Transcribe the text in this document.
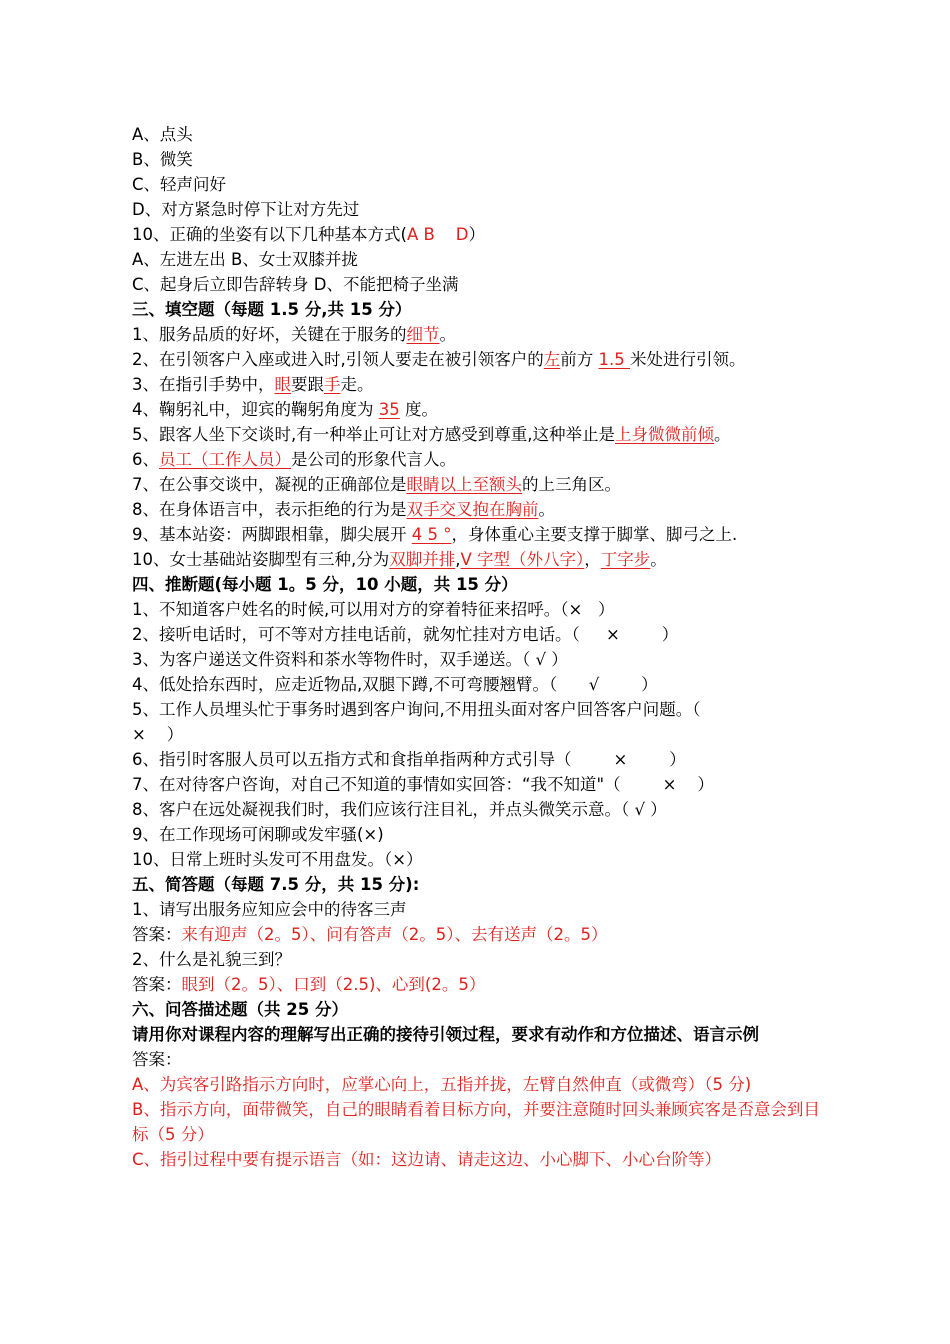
A、点头
B、微笑
C、轻声问好
D、对方紧急时停下让对方先过
10、正确的坐姿有以下几种基本方式(A B    D）
A、左进左出 B、女士双膝并拢
C、起身后立即告辞转身 D、不能把椅子坐满
三、填空题（每题 1.5 分,共 15 分）
1、服务品质的好坏，关键在于服务的细节。
2、在引领客户入座或进入时,引领人要走在被引领客户的左前方 1.5 米处进行引领。
3、在指引手势中，眼要跟手走。
4、鞠躬礼中，迎宾的鞠躬角度为 35 度。
5、跟客人坐下交谈时,有一种举止可让对方感受到尊重,这种举止是上身微微前倾。
6、员工（工作人员）是公司的形象代言人。
7、在公事交谈中，凝视的正确部位是眼睛以上至额头的上三角区。
8、在身体语言中，表示拒绝的行为是双手交叉抱在胸前。
9、基本站姿：两脚跟相靠，脚尖展开 4 5 °，身体重心主要支撑于脚掌、脚弓之上.
10、女士基础站姿脚型有三种,分为双脚并排,V 字型（外八字），丁字步。
四、推断题(每小题 1。5 分，10 小题，共 15 分）
1、不知道客户姓名的时候,可以用对方的穿着特征来招呼。（×   ）
2、接听电话时，可不等对方挂电话前，就匆忙挂对方电话。（     ×        ）
3、为客户递送文件资料和茶水等物件时，双手递送。（ √ ）
4、低处拾东西时，应走近物品,双腿下蹲,不可弯腰翘臂。（      √        ）
5、工作人员埋头忙于事务时遇到客户询问,不用扭头面对客户回答客户问题。（
×    ）
6、指引时客服人员可以五指方式和食指单指两种方式引导（        ×        ）
7、在对待客户咨询，对自己不知道的事情如实回答：“我不知道"（        ×    ）
8、客户在远处凝视我们时，我们应该行注目礼，并点头微笑示意。（ √ ）
9、在工作现场可闲聊或发牢骚(×)
10、日常上班时头发可不用盘发。（×）
五、简答题（每题 7.5 分，共 15 分):
1、请写出服务应知应会中的待客三声
答案：来有迎声（2。5）、问有答声（2。5）、去有送声（2。5）
2、什么是礼貌三到？
答案：眼到（2。5）、口到（2.5)、心到(2。5）
六、问答描述题（共 25 分）
请用你对课程内容的理解写出正确的接待引领过程，要求有动作和方位描述、语言示例
答案：
A、为宾客引路指示方向时，应掌心向上，五指并拢，左臂自然伸直（或微弯）（5 分)
B、指示方向，面带微笑，自己的眼睛看着目标方向，并要注意随时回头兼顾宾客是否意会到目标（5 分）
C、指引过程中要有提示语言（如：这边请、请走这边、小心脚下、小心台阶等）
